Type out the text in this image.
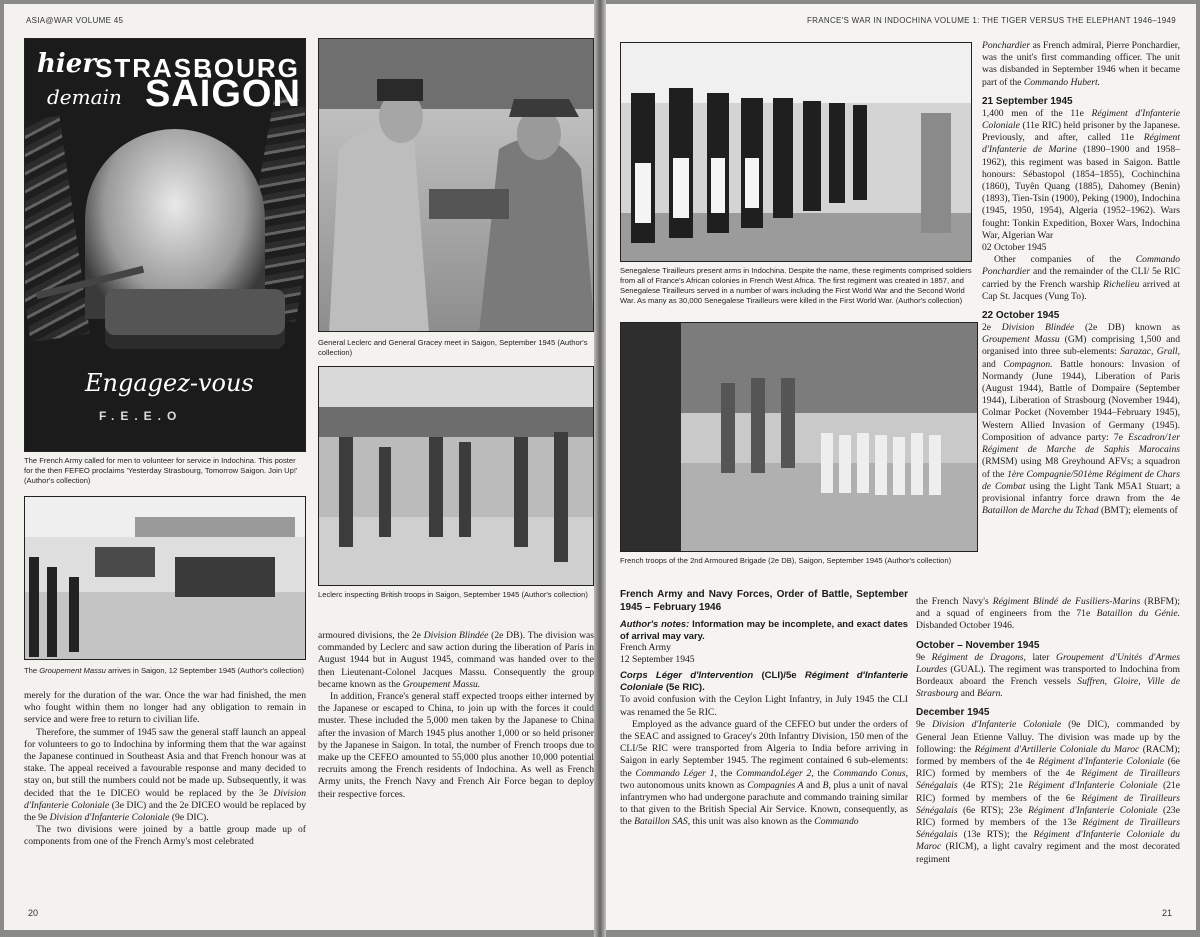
ASIA@WAR VOLUME 45
hier
STRASBOURG
demain SAÏGON
Engagez-vous
F.E.E.O
The French Army called for men to volunteer for service in Indochina. This poster for the then FEFEO proclaims 'Yesterday Strasbourg, Tomorrow Saigon. Join Up!' (Author's collection)
General Leclerc and General Gracey meet in Saigon, September 1945 (Author's collection)
Leclerc inspecting British troops in Saigon, September 1945 (Author's collection)
The Groupement Massu arrives in Saigon, 12 September 1945 (Author's collection)

merely for the duration of the war. Once the war had finished, the men who fought within them no longer had any obligation to remain in service and were free to return to civilian life.

Therefore, the summer of 1945 saw the general staff launch an appeal for volunteers to go to Indochina by informing them that the war against the Japanese continued in Southeast Asia and that French honour was at stake. The appeal received a favourable response and many decided to stay on, but still the numbers could not be made up. Subsequently, it was decided that the 1e DICEO would be replaced by the 3e Division d'Infanterie Coloniale (3e DIC) and the 2e DICEO would be replaced by the 9e Division d'Infanterie Coloniale (9e DIC).

The two divisions were joined by a battle group made up of components from one of the French Army's most celebrated

armoured divisions, the 2e Division Blindée (2e DB). The division was commanded by Leclerc and saw action during the liberation of Paris in August 1944 but in August 1945, command was handed over to the then Lieutenant-Colonel Jacques Massu. Consequently the group became known as the Groupement Massu.

In addition, France's general staff expected troops either interned by the Japanese or escaped to China, to join up with the forces it could muster. These included the 5,000 men taken by the Japanese to China after the invasion of March 1945 plus another 1,000 or so held prisoner by the Japanese in Saigon. In total, the number of French troops due to make up the CEFEO amounted to 55,000 plus another 10,000 potential recruits among the French residents of Indochina. As well as French Army units, the French Navy and French Air Force began to deploy their respective forces.

20
FRANCE'S WAR IN INDOCHINA VOLUME 1: THE TIGER VERSUS THE ELEPHANT 1946–1949
Senegalese Tirailleurs present arms in Indochina. Despite the name, these regiments comprised soldiers from all of France's African colonies in French West Africa. The first regiment was created in 1857, and Senegalese Tirailleurs served in a number of wars including the First World War and the Second World War. As many as 30,000 Senegalese Tirailleurs were killed in the First World War. (Author's collection)
French troops of the 2nd Armoured Brigade (2e DB), Saigon, September 1945 (Author's collection)
French Army and Navy Forces, Order of Battle, September 1945 – February 1946
Author's notes: Information may be incomplete, and exact dates of arrival may vary.

French Army

12 September 1945

Corps Léger d'Intervention (CLI)/5e Régiment d'Infanterie Coloniale (5e RIC).

To avoid confusion with the Ceylon Light Infantry, in July 1945 the CLI was renamed the 5e RIC.

Employed as the advance guard of the CEFEO but under the orders of the SEAC and assigned to Gracey's 20th Infantry Division, 150 men of the CLI/5e RIC were transported from Algeria to India before arriving in Saigon in early September 1945. The regiment contained 6 sub-elements: the Commando Léger 1, the CommandoLéger 2, the Commando Conus, two autonomous units known as Compagnies A and B, plus a unit of naval infantrymen who had undergone parachute and commando training similar to that given to the British Special Air Service. Known, consequently, as the Bataillon SAS, this unit was also known as the Commando

Ponchardier as French admiral, Pierre Ponchardier, was the unit's first commanding officer. The unit was disbanded in September 1946 when it became part of the Commando Hubert.

21 September 1945

1,400 men of the 11e Régiment d'Infanterie Coloniale (11e RIC) held prisoner by the Japanese. Previously, and after, called 11e Régiment d'Infanterie de Marine (1890–1900 and 1958–1962), this regiment was based in Saigon. Battle honours: Sébastopol (1854–1855), Cochinchina (1860), Tuyên Quang (1885), Dahomey (Benin) (1893), Tien-Tsin (1900), Peking (1900), Indochina (1945, 1950, 1954), Algeria (1952–1962). Wars fought: Tonkin Expedition, Boxer Wars, Indochina War, Algerian War

02 October 1945

Other companies of the Commando Ponchardier and the remainder of the CLI/ 5e RIC carried by the French warship Richelieu arrived at Cap St. Jacques (Vung To).

22 October 1945

2e Division Blindée (2e DB) known as Groupement Massu (GM) comprising 1,500 and organised into three sub-elements: Sarazac, Grall, and Compagnon. Battle honours: Invasion of Normandy (June 1944), Liberation of Paris (August 1944), Battle of Dompaire (September 1944), Liberation of Strasbourg (November 1944), Colmar Pocket (November 1944–February 1945), Western Allied Invasion of Germany (1945). Composition of advance party: 7e Escadron/1er Régiment de Marche de Saphis Marocains (RMSM) using M8 Greyhound AFVs; a squadron of the 1ère Compagnie/501ème Régiment de Chars de Combat using the Light Tank M5A1 Stuart; a provisional infantry force drawn from the 4e Bataillon de Marche du Tchad (BMT); elements of

the French Navy's Régiment Blindé de Fusiliers-Marins (RBFM); and a squad of engineers from the 71e Bataillon du Génie. Disbanded October 1946.

October – November 1945

9e Régiment de Dragons, later Groupement d'Unités d'Armes Lourdes (GUAL). The regiment was transported to Indochina from Bordeaux aboard the French vessels Suffren, Gloire, Ville de Strasbourg and Béarn.

December 1945

9e Division d'Infanterie Coloniale (9e DIC), commanded by General Jean Etienne Valluy. The division was made up by the following: the Régiment d'Artillerie Coloniale du Maroc (RACM); formed by members of the 4e Régiment d'Infanterie Coloniale (6e RIC) formed by members of the 4e Régiment de Tirailleurs Sénégalais (4e RTS); 21e Régiment d'Infanterie Coloniale (21e RIC) formed by members of the 6e Régiment de Tirailleurs Sénégalais (6e RTS); 23e Régiment d'Infanterie Coloniale (23e RIC) formed by members of the 13e Régiment de Tirailleurs Sénégalais (13e RTS); the Régiment d'Infanterie Coloniale du Maroc (RICM), a light cavalry regiment and the most decorated regiment

21
